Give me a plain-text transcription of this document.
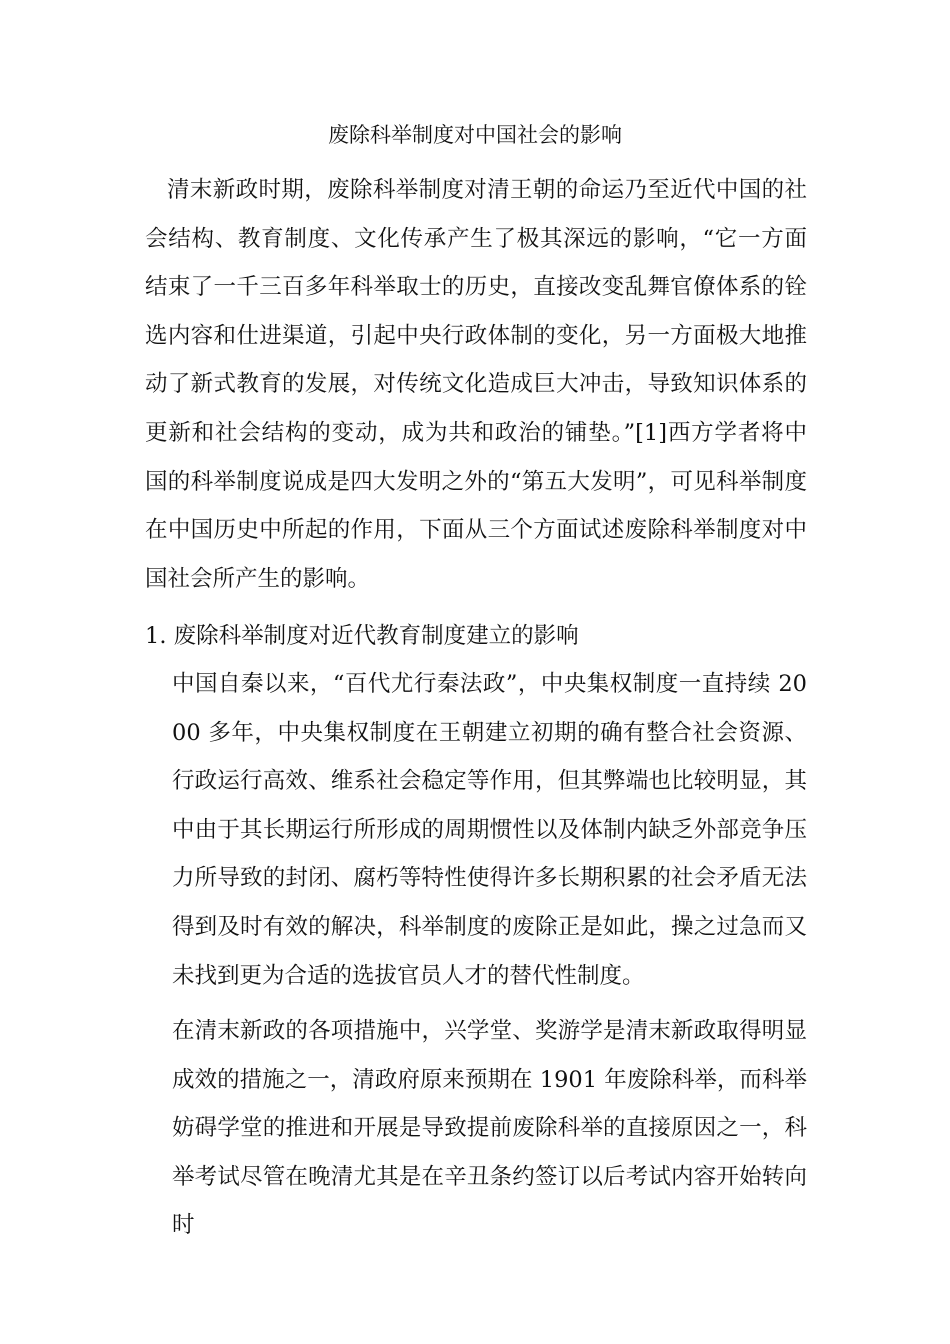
废除科举制度对中国社会的影响

清末新政时期，废除科举制度对清王朝的命运乃至近代中国的社会结构、教育制度、文化传承产生了极其深远的影响，“它一方面结束了一千三百多年科举取士的历史，直接改变乱舞官僚体系的铨选内容和仕进渠道，引起中央行政体制的变化，另一方面极大地推动了新式教育的发展，对传统文化造成巨大冲击，导致知识体系的更新和社会结构的变动，成为共和政治的铺垫。”[1]西方学者将中国的科举制度说成是四大发明之外的“第五大发明”，可见科举制度在中国历史中所起的作用，下面从三个方面试述废除科举制度对中国社会所产生的影响。

1. 废除科举制度对近代教育制度建立的影响

中国自秦以来，“百代尤行秦法政”，中央集权制度一直持续 2000 多年，中央集权制度在王朝建立初期的确有整合社会资源、行政运行高效、维系社会稳定等作用，但其弊端也比较明显，其中由于其长期运行所形成的周期惯性以及体制内缺乏外部竞争压力所导致的封闭、腐朽等特性使得许多长期积累的社会矛盾无法得到及时有效的解决，科举制度的废除正是如此，操之过急而又未找到更为合适的选拔官员人才的替代性制度。

在清末新政的各项措施中，兴学堂、奖游学是清末新政取得明显成效的措施之一，清政府原来预期在 1901 年废除科举，而科举妨碍学堂的推进和开展是导致提前废除科举的直接原因之一，科举考试尽管在晚清尤其是在辛丑条约签订以后考试内容开始转向时
